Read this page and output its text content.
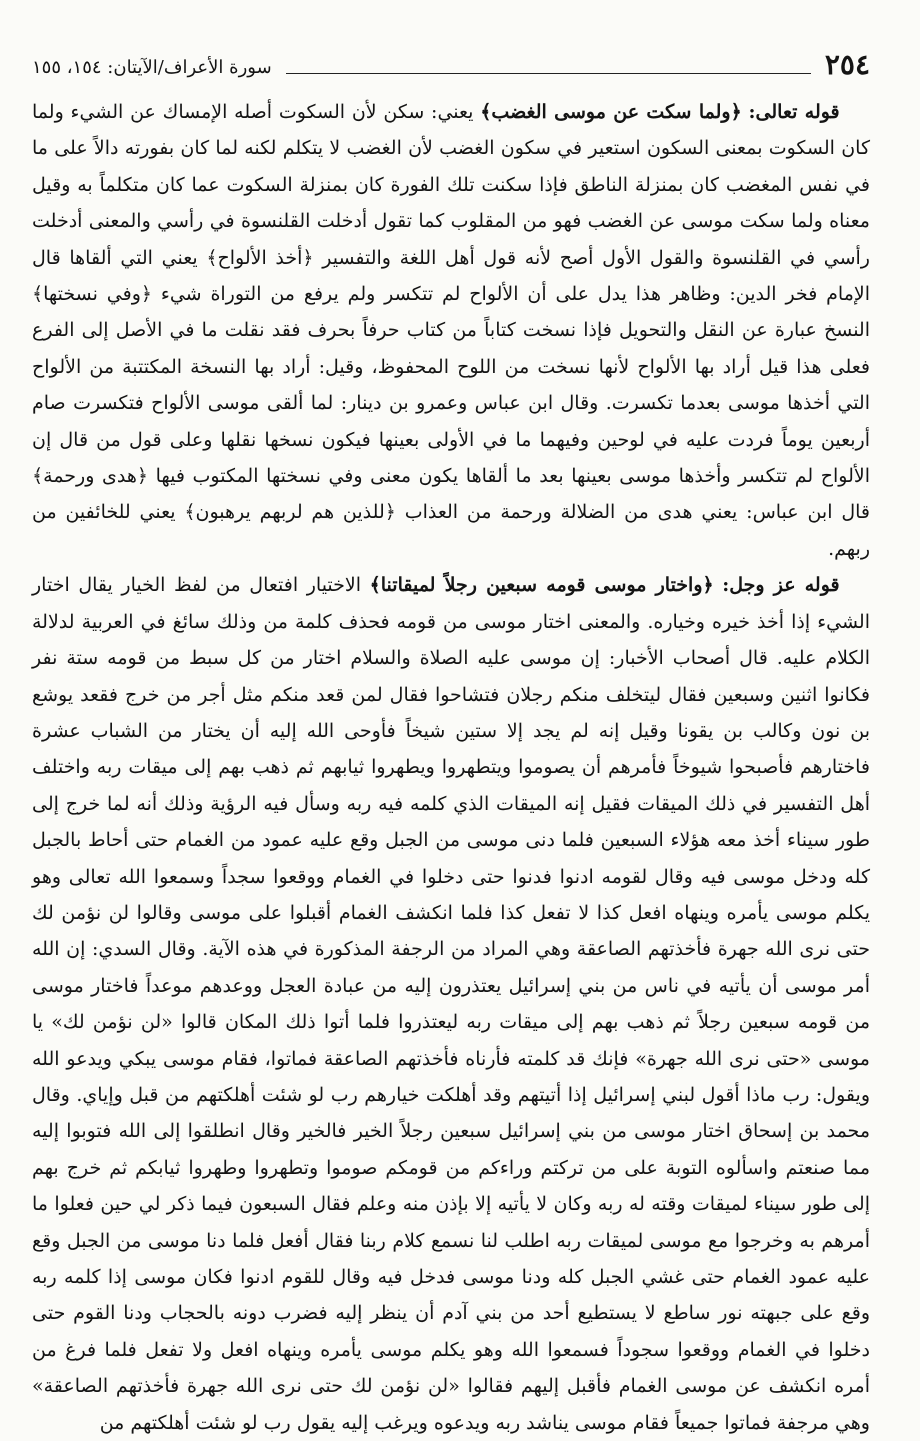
٢٥٤
سورة الأعراف/الآيتان: ١٥٤، ١٥٥

قوله تعالى: ﴿ولما سكت عن موسى الغضب﴾ يعني: سكن لأن السكوت أصله الإمساك عن الشيء ولما كان السكوت بمعنى السكون استعير في سكون الغضب لأن الغضب لا يتكلم لكنه لما كان بفورته دالاً على ما في نفس المغضب كان بمنزلة الناطق فإذا سكنت تلك الفورة كان بمنزلة السكوت عما كان متكلماً به وقيل معناه ولما سكت موسى عن الغضب فهو من المقلوب كما تقول أدخلت القلنسوة في رأسي والمعنى أدخلت رأسي في القلنسوة والقول الأول أصح لأنه قول أهل اللغة والتفسير ﴿أخذ الألواح﴾ يعني التي ألقاها قال الإمام فخر الدين: وظاهر هذا يدل على أن الألواح لم تتكسر ولم يرفع من التوراة شيء ﴿وفي نسختها﴾ النسخ عبارة عن النقل والتحويل فإذا نسخت كتاباً من كتاب حرفاً بحرف فقد نقلت ما في الأصل إلى الفرع فعلى هذا قيل أراد بها الألواح لأنها نسخت من اللوح المحفوظ، وقيل: أراد بها النسخة المكتتبة من الألواح التي أخذها موسى بعدما تكسرت. وقال ابن عباس وعمرو بن دينار: لما ألقى موسى الألواح فتكسرت صام أربعين يوماً فردت عليه في لوحين وفيهما ما في الأولى بعينها فيكون نسخها نقلها وعلى قول من قال إن الألواح لم تتكسر وأخذها موسى بعينها بعد ما ألقاها يكون معنى وفي نسختها المكتوب فيها ﴿هدى ورحمة﴾ قال ابن عباس: يعني هدى من الضلالة ورحمة من العذاب ﴿للذين هم لربهم يرهبون﴾ يعني للخائفين من ربهم.

قوله عز وجل: ﴿واختار موسى قومه سبعين رجلاً لميقاتنا﴾ الاختيار افتعال من لفظ الخيار يقال اختار الشيء إذا أخذ خيره وخياره. والمعنى اختار موسى من قومه فحذف كلمة من وذلك سائغ في العربية لدلالة الكلام عليه. قال أصحاب الأخبار: إن موسى عليه الصلاة والسلام اختار من كل سبط من قومه ستة نفر فكانوا اثنين وسبعين فقال ليتخلف منكم رجلان فتشاحوا فقال لمن قعد منكم مثل أجر من خرج فقعد يوشع بن نون وكالب بن يقونا وقيل إنه لم يجد إلا ستين شيخاً فأوحى الله إليه أن يختار من الشباب عشرة فاختارهم فأصبحوا شيوخاً فأمرهم أن يصوموا ويتطهروا ويطهروا ثيابهم ثم ذهب بهم إلى ميقات ربه واختلف أهل التفسير في ذلك الميقات فقيل إنه الميقات الذي كلمه فيه ربه وسأل فيه الرؤية وذلك أنه لما خرج إلى طور سيناء أخذ معه هؤلاء السبعين فلما دنى موسى من الجبل وقع عليه عمود من الغمام حتى أحاط بالجبل كله ودخل موسى فيه وقال لقومه ادنوا فدنوا حتى دخلوا في الغمام ووقعوا سجداً وسمعوا الله تعالى وهو يكلم موسى يأمره وينهاه افعل كذا لا تفعل كذا فلما انكشف الغمام أقبلوا على موسى وقالوا لن نؤمن لك حتى نرى الله جهرة فأخذتهم الصاعقة وهي المراد من الرجفة المذكورة في هذه الآية. وقال السدي: إن الله أمر موسى أن يأتيه في ناس من بني إسرائيل يعتذرون إليه من عبادة العجل ووعدهم موعداً فاختار موسى من قومه سبعين رجلاً ثم ذهب بهم إلى ميقات ربه ليعتذروا فلما أتوا ذلك المكان قالوا «لن نؤمن لك» يا موسى «حتى نرى الله جهرة» فإنك قد كلمته فأرناه فأخذتهم الصاعقة فماتوا، فقام موسى يبكي ويدعو الله ويقول: رب ماذا أقول لبني إسرائيل إذا أتيتهم وقد أهلكت خيارهم رب لو شئت أهلكتهم من قبل وإياي. وقال محمد بن إسحاق اختار موسى من بني إسرائيل سبعين رجلاً الخير فالخير وقال انطلقوا إلى الله فتوبوا إليه مما صنعتم واسألوه التوبة على من تركتم وراءكم من قومكم صوموا وتطهروا وطهروا ثيابكم ثم خرج بهم إلى طور سيناء لميقات وقته له ربه وكان لا يأتيه إلا بإذن منه وعلم فقال السبعون فيما ذكر لي حين فعلوا ما أمرهم به وخرجوا مع موسى لميقات ربه اطلب لنا نسمع كلام ربنا فقال أفعل فلما دنا موسى من الجبل وقع عليه عمود الغمام حتى غشي الجبل كله ودنا موسى فدخل فيه وقال للقوم ادنوا فكان موسى إذا كلمه ربه وقع على جبهته نور ساطع لا يستطيع أحد من بني آدم أن ينظر إليه فضرب دونه بالحجاب ودنا القوم حتى دخلوا في الغمام ووقعوا سجوداً فسمعوا الله وهو يكلم موسى يأمره وينهاه افعل ولا تفعل فلما فرغ من أمره انكشف عن موسى الغمام فأقبل إليهم فقالوا «لن نؤمن لك حتى نرى الله جهرة فأخذتهم الصاعقة» وهي مرجفة فماتوا جميعاً فقام موسى يناشد ربه ويدعوه ويرغب إليه يقول رب لو شئت أهلكتهم من
